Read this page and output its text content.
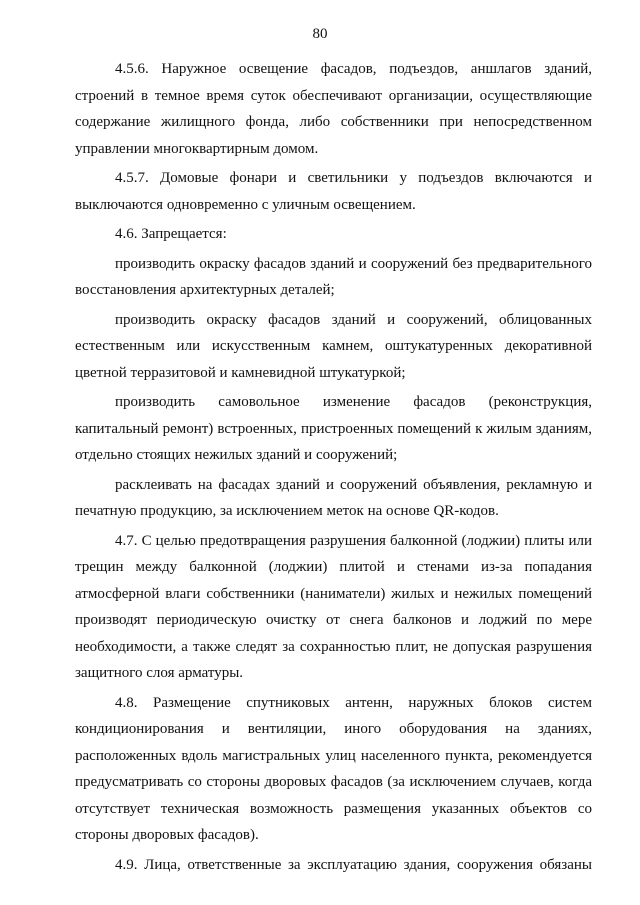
80

4.5.6. Наружное освещение фасадов, подъездов, аншлагов зданий, строений в темное время суток обеспечивают организации, осуществляющие содержание жилищного фонда, либо собственники при непосредственном управлении многоквартирным домом.

4.5.7. Домовые фонари и светильники у подъездов включаются и выключаются одновременно с уличным освещением.

4.6. Запрещается:

производить окраску фасадов зданий и сооружений без предварительного восстановления архитектурных деталей;

производить окраску фасадов зданий и сооружений, облицованных естественным или искусственным камнем, оштукатуренных декоративной цветной терразитовой и камневидной штукатуркой;

производить самовольное изменение фасадов (реконструкция, капитальный ремонт) встроенных, пристроенных помещений к жилым зданиям, отдельно стоящих нежилых зданий и сооружений;

расклеивать на фасадах зданий и сооружений объявления, рекламную и печатную продукцию, за исключением меток на основе QR-кодов.

4.7. С целью предотвращения разрушения балконной (лоджии) плиты или трещин между балконной (лоджии) плитой и стенами из-за попадания атмосферной влаги собственники (наниматели) жилых и нежилых помещений производят периодическую очистку от снега балконов и лоджий по мере необходимости, а также следят за сохранностью плит, не допуская разрушения защитного слоя арматуры.

4.8. Размещение спутниковых антенн, наружных блоков систем кондиционирования и вентиляции, иного оборудования на зданиях, расположенных вдоль магистральных улиц населенного пункта, рекомендуется предусматривать со стороны дворовых фасадов (за исключением случаев, когда отсутствует техническая возможность размещения указанных объектов со стороны дворовых фасадов).

4.9. Лица, ответственные за эксплуатацию здания, сооружения обязаны
